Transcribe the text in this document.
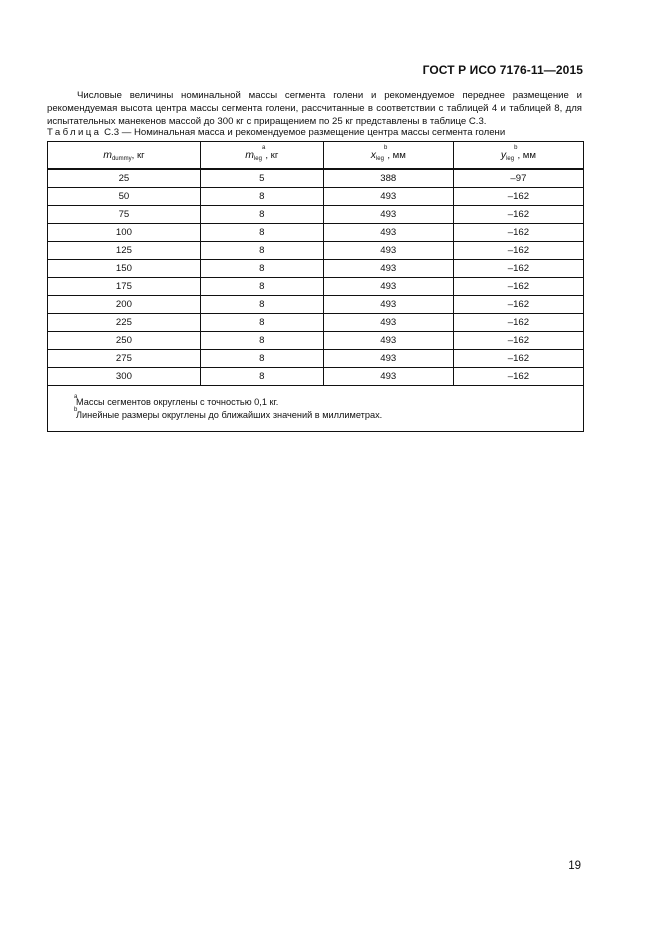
ГОСТ Р ИСО 7176-11—2015

Числовые величины номинальной массы сегмента голени и рекомендуемое переднее размещение и рекомендуемая высота центра массы сегмента голени, рассчитанные в соответствии с таблицей 4 и таблицей 8, для испытательных манекенов массой до 300 кг с приращением по 25 кг представлены в таблице С.3.

Таблица С.3 — Номинальная масса и рекомендуемое размещение центра массы сегмента голени
$m_{dummy}$, кг	$m_{leg}^a$, кг	$x_{leg}^b$, мм	$y_{leg}^b$, мм
25	5	388	–97
50	8	493	–162
75	8	493	–162
100	8	493	–162
125	8	493	–162
150	8	493	–162
175	8	493	–162
200	8	493	–162
225	8	493	–162
250	8	493	–162
275	8	493	–162
300	8	493	–162

a
Массы сегментов округлены с точностью 0,1 кг.
b
Линейные размеры округлены до ближайших значений в миллиметрах.			
19
